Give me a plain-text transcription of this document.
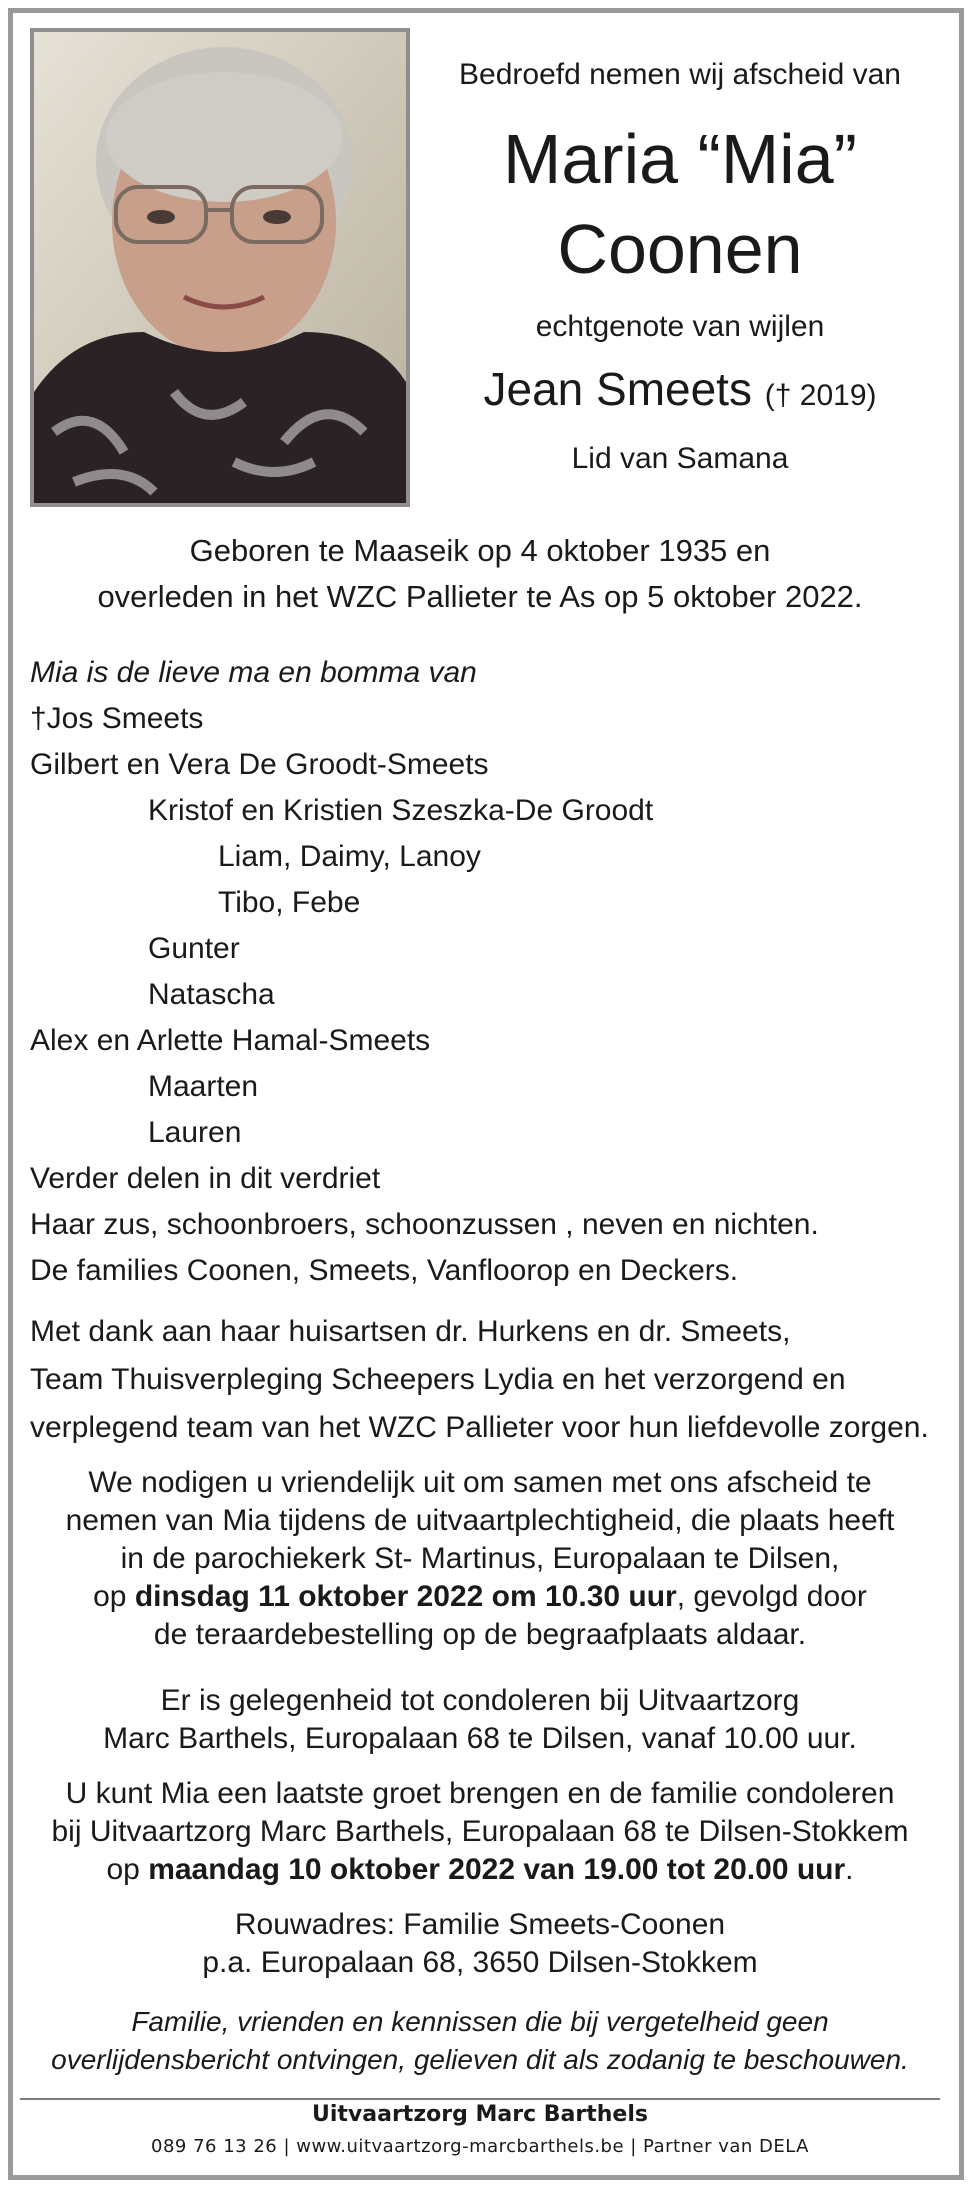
Bedroefd nemen wij afscheid van
Maria “Mia”
Coonen
echtgenote van wijlen
Jean Smeets († 2019)
Lid van Samana
Geboren te Maaseik op 4 oktober 1935 en
overleden in het WZC Pallieter te As op 5 oktober 2022.
Mia is de lieve ma en bomma van
†Jos Smeets
Gilbert en Vera De Groodt-Smeets
Kristof en Kristien Szeszka-De Groodt
Liam, Daimy, Lanoy
Tibo, Febe
Gunter
Natascha
Alex en Arlette Hamal-Smeets
Maarten
Lauren
Verder delen in dit verdriet
Haar zus, schoonbroers, schoonzussen , neven en nichten.
De families Coonen, Smeets, Vanfloorop en Deckers.
Met dank aan haar huisartsen dr. Hurkens en dr. Smeets,
Team Thuisverpleging Scheepers Lydia en het verzorgend en
verplegend team van het WZC Pallieter voor hun liefdevolle zorgen.
We nodigen u vriendelijk uit om samen met ons afscheid te
nemen van Mia tijdens de uitvaartplechtigheid, die plaats heeft
in de parochiekerk St- Martinus, Europalaan te Dilsen,
op dinsdag 11 oktober 2022 om 10.30 uur, gevolgd door
de teraardebestelling op de begraafplaats aldaar.
Er is gelegenheid tot condoleren bij Uitvaartzorg
Marc Barthels, Europalaan 68 te Dilsen, vanaf 10.00 uur.
U kunt Mia een laatste groet brengen en de familie condoleren
bij Uitvaartzorg Marc Barthels, Europalaan 68 te Dilsen-Stokkem
op maandag 10 oktober 2022 van 19.00 tot 20.00 uur.
Rouwadres: Familie Smeets-Coonen
p.a. Europalaan 68, 3650 Dilsen-Stokkem
Familie, vrienden en kennissen die bij vergetelheid geen
overlijdensbericht ontvingen, gelieven dit als zodanig te beschouwen.
Uitvaartzorg Marc Barthels
089 76 13 26 | www.uitvaartzorg-marcbarthels.be | Partner van DELA
